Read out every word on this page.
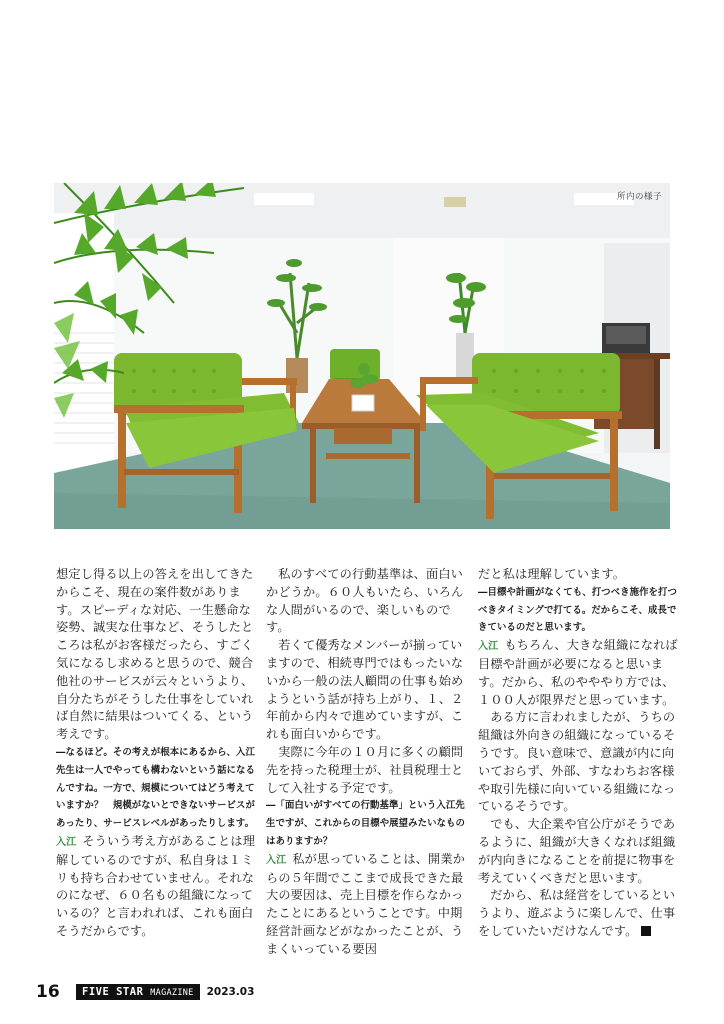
所内の様子

想定し得る以上の答えを出してきたからこそ、現在の案件数があります。スピーディな対応、一生懸命な姿勢、誠実な仕事など、そうしたところは私がお客様だったら、すごく気になるし求めると思うので、競合他社のサービスが云々というより、自分たちがそうした仕事をしていれば自然に結果はついてくる、という考えです。

―なるほど。その考えが根本にあるから、入江先生は一人でやっても構わないという話になるんですね。一方で、規模についてはどう考えていますか？　規模がないとできないサービスがあったり、サービスレベルがあったりします。

入江 そういう考え方があることは理解しているのですが、私自身は１ミリも持ち合わせていません。それなのになぜ、６０名もの組織になっているの？と言われれば、これも面白そうだからです。

私のすべての行動基準は、面白いかどうか。６０人もいたら、いろんな人間がいるので、楽しいものです。

若くて優秀なメンバーが揃っていますので、相続専門ではもったいないから一般の法人顧問の仕事も始めようという話が持ち上がり、１、２年前から内々で進めていますが、これも面白いからです。

実際に今年の１０月に多くの顧問先を持った税理士が、社員税理士として入社する予定です。

―「面白いがすべての行動基準」という入江先生ですが、これからの目標や展望みたいなものはありますか？

入江 私が思っていることは、開業からの５年間でここまで成長できた最大の要因は、売上目標を作らなかったことにあるということです。中期経営計画などがなかったことが、うまくいっている要因

だと私は理解しています。

―目標や計画がなくても、打つべき施作を打つべきタイミングで打てる。だからこそ、成長できているのだと思います。

入江 もちろん、大きな組織になれば目標や計画が必要になると思います。だから、私のやややり方では、１００人が限界だと思っています。

ある方に言われましたが、うちの組織は外向きの組織になっているそうです。良い意味で、意識が内に向いておらず、外部、すなわちお客様や取引先様に向いている組織になっているそうです。

でも、大企業や官公庁がそうであるように、組織が大きくなれば組織が内向きになることを前提に物事を考えていくべきだと思います。

だから、私は経営をしているというより、遊ぶように楽しんで、仕事をしていたいだけなんです。

16	FIVE STAR MAGAZINE	2023.03
